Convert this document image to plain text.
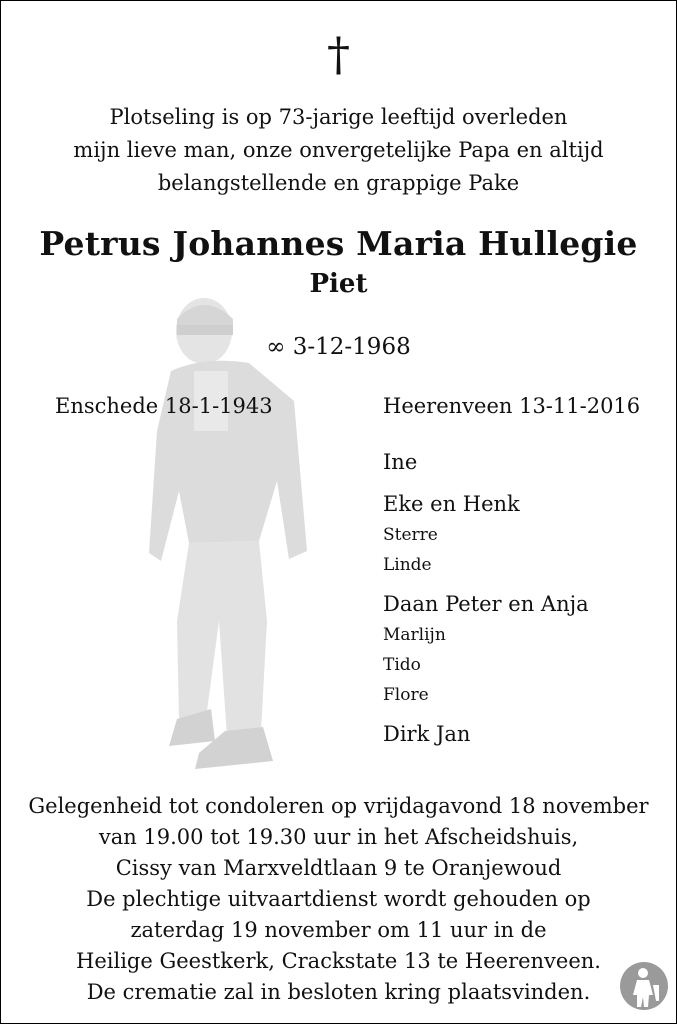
†
Plotseling is op 73-jarige leeftijd overleden
mijn lieve man, onze onvergetelijke Papa en altijd
belangstellende en grappige Pake
Petrus Johannes Maria Hullegie
Piet
∞ 3-12-1968
Enschede 18-1-1943	Heerenveen 13-11-2016
Ine
Eke en Henk
Sterre
Linde
Daan Peter en Anja
Marlijn
Tido
Flore
Dirk Jan
Gelegenheid tot condoleren op vrijdagavond 18 november
van 19.00 tot 19.30 uur in het Afscheidshuis,
Cissy van Marxveldtlaan 9 te Oranjewoud
De plechtige uitvaartdienst wordt gehouden op
zaterdag 19 november om 11 uur in de
Heilige Geestkerk, Crackstate 13 te Heerenveen.
De crematie zal in besloten kring plaatsvinden.
